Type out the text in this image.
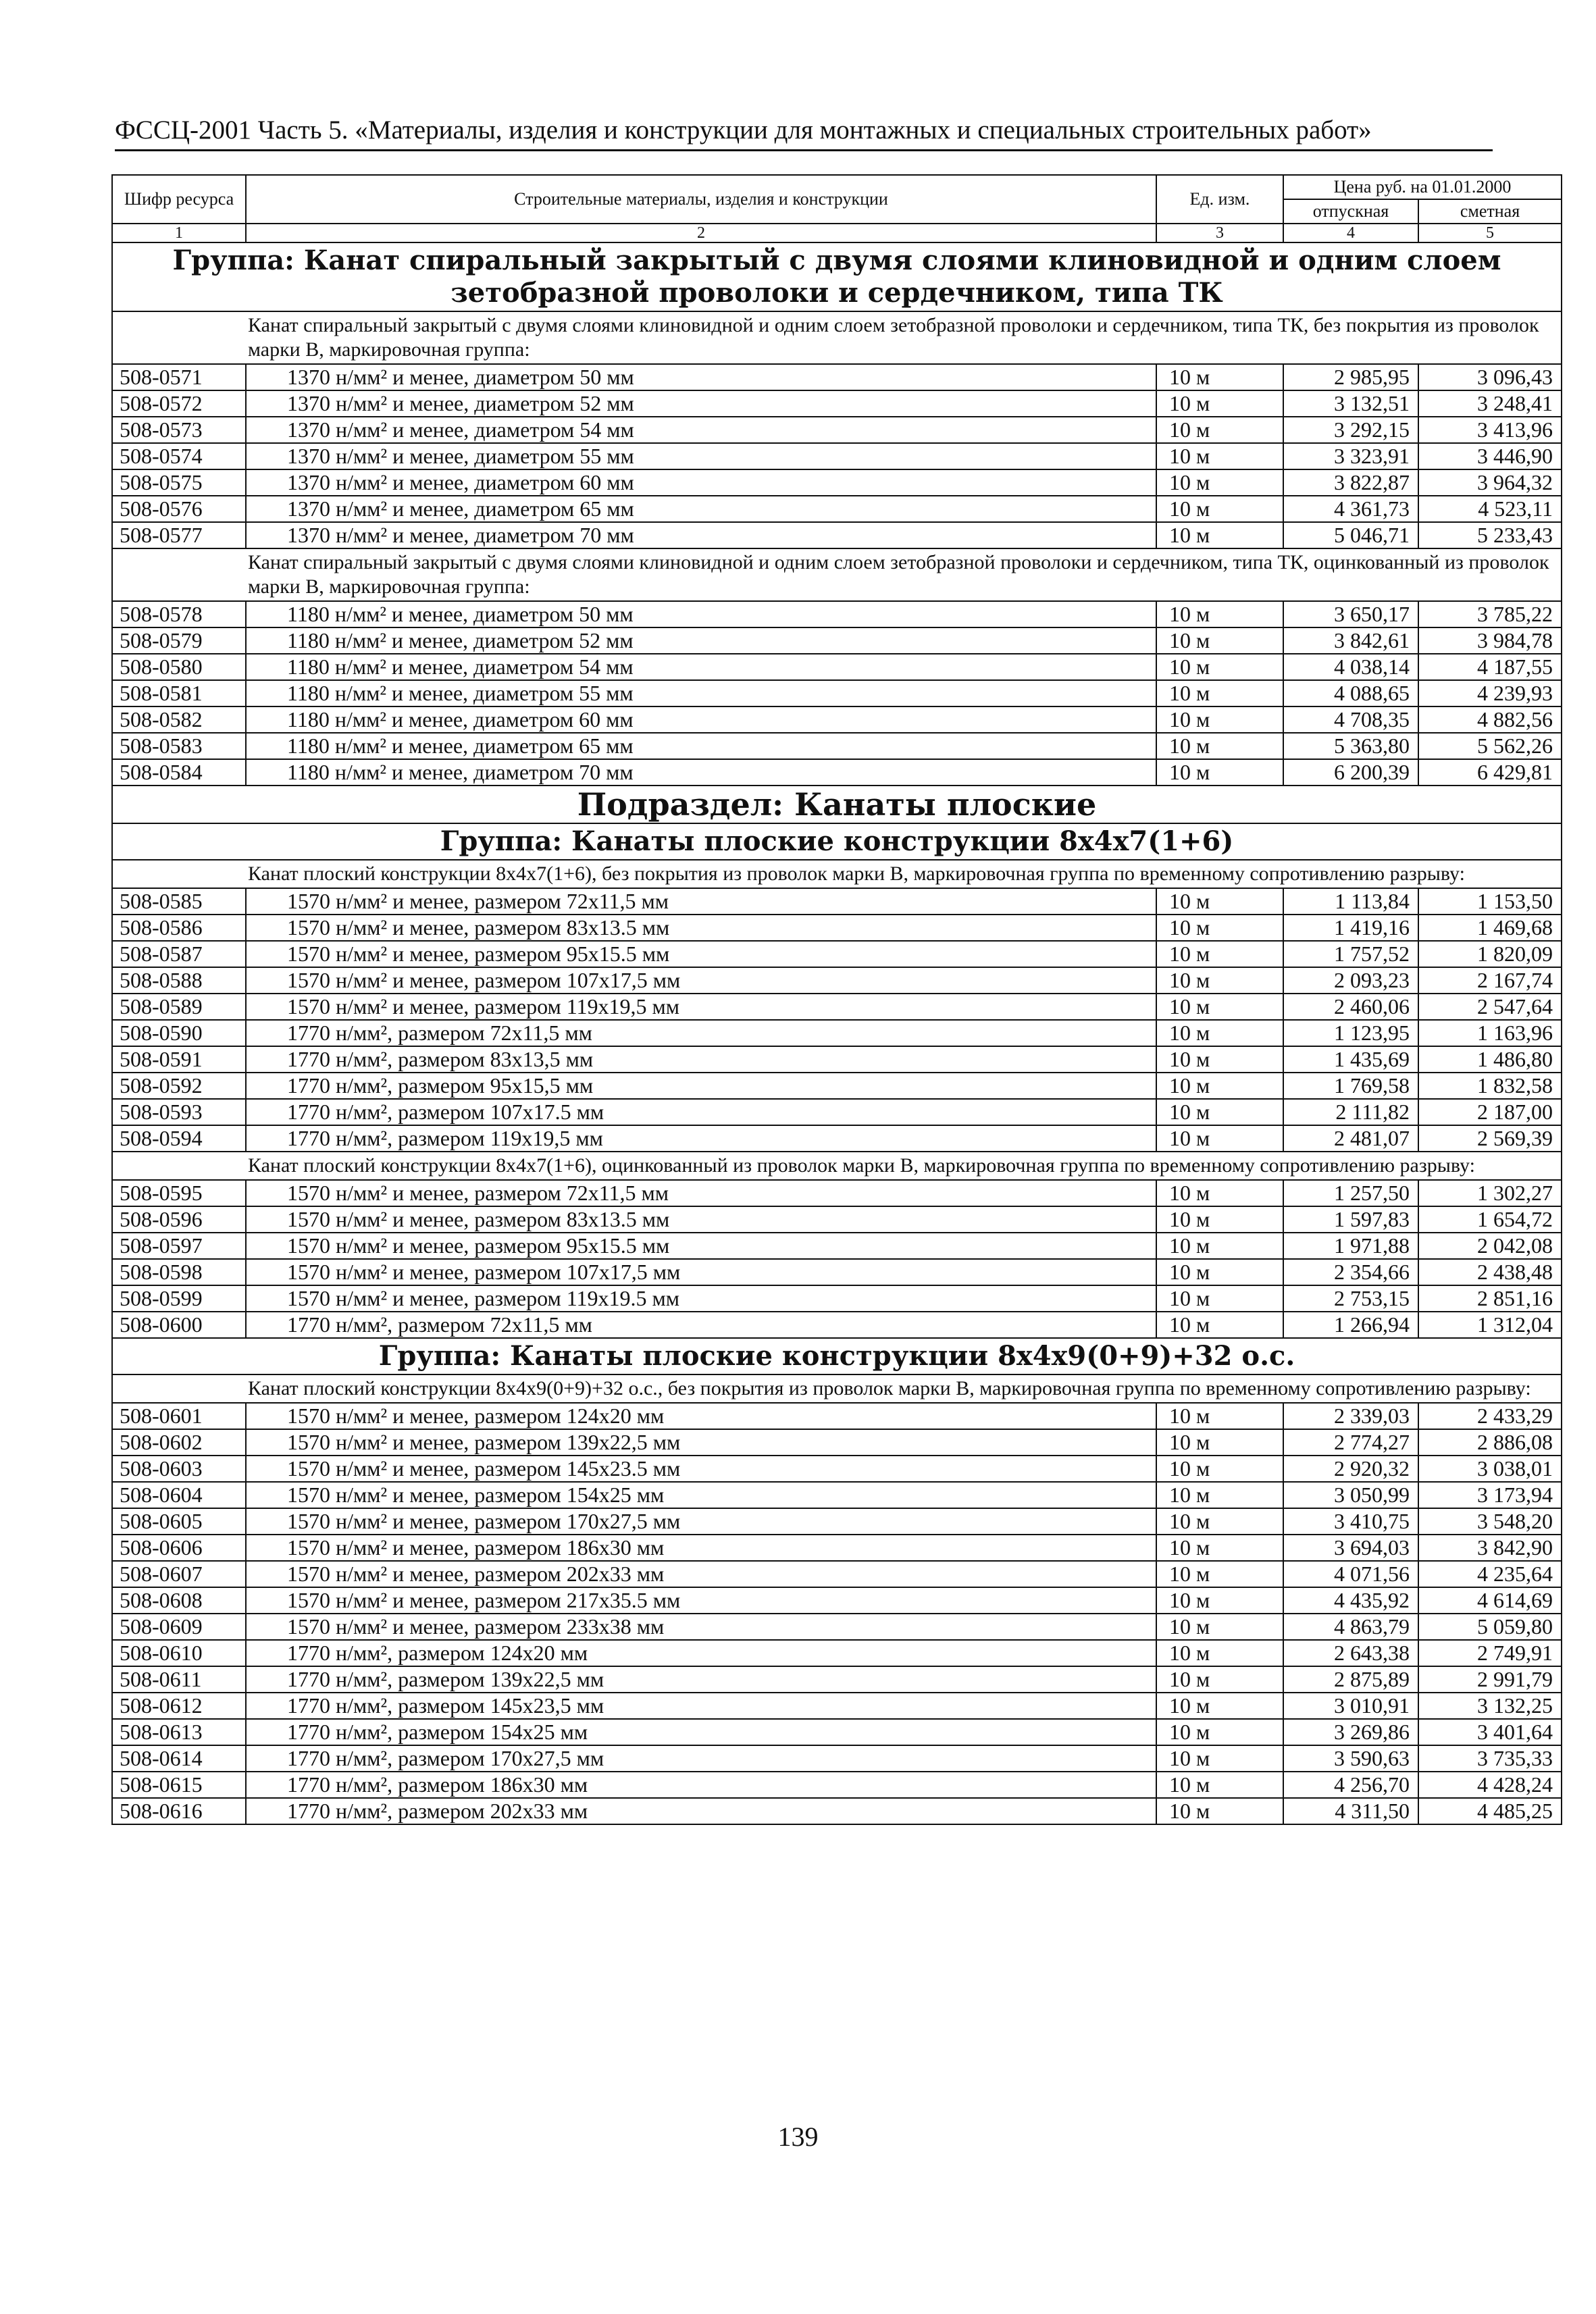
ФССЦ-2001 Часть 5. «Материалы, изделия и конструкции для монтажных и специальных строительных работ»
Шифр ресурса	Строительные материалы, изделия и конструкции	Ед. изм.	Цена руб. на 01.01.2000	
			отпускная	сметная
1	2	3	4	5
Группа: Канат спиральный закрытый с двумя слоями клиновидной и одним слоем зетобразной проволоки и сердечником, типа ТК				
Канат спиральный закрытый с двумя слоями клиновидной и одним слоем зетобразной проволоки и сердечником, типа ТК, без покрытия из проволок марки В, маркировочная группа:				
508-0571	1370 н/мм² и менее, диаметром 50 мм	10 м	2 985,95	3 096,43
508-0572	1370 н/мм² и менее, диаметром 52 мм	10 м	3 132,51	3 248,41
508-0573	1370 н/мм² и менее, диаметром 54 мм	10 м	3 292,15	3 413,96
508-0574	1370 н/мм² и менее, диаметром 55 мм	10 м	3 323,91	3 446,90
508-0575	1370 н/мм² и менее, диаметром 60 мм	10 м	3 822,87	3 964,32
508-0576	1370 н/мм² и менее, диаметром 65 мм	10 м	4 361,73	4 523,11
508-0577	1370 н/мм² и менее, диаметром 70 мм	10 м	5 046,71	5 233,43
Канат спиральный закрытый с двумя слоями клиновидной и одним слоем зетобразной проволоки и сердечником, типа ТК, оцинкованный из проволок марки В, маркировочная группа:				
508-0578	1180 н/мм² и менее, диаметром 50 мм	10 м	3 650,17	3 785,22
508-0579	1180 н/мм² и менее, диаметром 52 мм	10 м	3 842,61	3 984,78
508-0580	1180 н/мм² и менее, диаметром 54 мм	10 м	4 038,14	4 187,55
508-0581	1180 н/мм² и менее, диаметром 55 мм	10 м	4 088,65	4 239,93
508-0582	1180 н/мм² и менее, диаметром 60 мм	10 м	4 708,35	4 882,56
508-0583	1180 н/мм² и менее, диаметром 65 мм	10 м	5 363,80	5 562,26
508-0584	1180 н/мм² и менее, диаметром 70 мм	10 м	6 200,39	6 429,81
Подраздел: Канаты плоские				
Группа: Канаты плоские конструкции 8х4х7(1+6)				
Канат плоский конструкции 8х4х7(1+6), без покрытия из проволок марки В, маркировочная группа по временному сопротивлению разрыву:				
508-0585	1570 н/мм² и менее, размером 72х11,5 мм	10 м	1 113,84	1 153,50
508-0586	1570 н/мм² и менее, размером 83х13.5 мм	10 м	1 419,16	1 469,68
508-0587	1570 н/мм² и менее, размером 95х15.5 мм	10 м	1 757,52	1 820,09
508-0588	1570 н/мм² и менее, размером 107х17,5 мм	10 м	2 093,23	2 167,74
508-0589	1570 н/мм² и менее, размером 119х19,5 мм	10 м	2 460,06	2 547,64
508-0590	1770 н/мм², размером 72х11,5 мм	10 м	1 123,95	1 163,96
508-0591	1770 н/мм², размером 83х13,5 мм	10 м	1 435,69	1 486,80
508-0592	1770 н/мм², размером 95х15,5 мм	10 м	1 769,58	1 832,58
508-0593	1770 н/мм², размером 107х17.5 мм	10 м	2 111,82	2 187,00
508-0594	1770 н/мм², размером 119х19,5 мм	10 м	2 481,07	2 569,39
Канат плоский конструкции 8х4х7(1+6), оцинкованный из проволок марки В, маркировочная группа по временному сопротивлению разрыву:				
508-0595	1570 н/мм² и менее, размером 72х11,5 мм	10 м	1 257,50	1 302,27
508-0596	1570 н/мм² и менее, размером 83х13.5 мм	10 м	1 597,83	1 654,72
508-0597	1570 н/мм² и менее, размером 95х15.5 мм	10 м	1 971,88	2 042,08
508-0598	1570 н/мм² и менее, размером 107х17,5 мм	10 м	2 354,66	2 438,48
508-0599	1570 н/мм² и менее, размером 119х19.5 мм	10 м	2 753,15	2 851,16
508-0600	1770 н/мм², размером 72х11,5 мм	10 м	1 266,94	1 312,04
Группа: Канаты плоские конструкции 8х4х9(0+9)+32 о.с.				
Канат плоский конструкции 8х4х9(0+9)+32 о.с., без покрытия из проволок марки В, маркировочная группа по временному сопротивлению разрыву:				
508-0601	1570 н/мм² и менее, размером 124х20 мм	10 м	2 339,03	2 433,29
508-0602	1570 н/мм² и менее, размером 139х22,5 мм	10 м	2 774,27	2 886,08
508-0603	1570 н/мм² и менее, размером 145х23.5 мм	10 м	2 920,32	3 038,01
508-0604	1570 н/мм² и менее, размером 154х25 мм	10 м	3 050,99	3 173,94
508-0605	1570 н/мм² и менее, размером 170х27,5 мм	10 м	3 410,75	3 548,20
508-0606	1570 н/мм² и менее, размером 186х30 мм	10 м	3 694,03	3 842,90
508-0607	1570 н/мм² и менее, размером 202х33 мм	10 м	4 071,56	4 235,64
508-0608	1570 н/мм² и менее, размером 217х35.5 мм	10 м	4 435,92	4 614,69
508-0609	1570 н/мм² и менее, размером 233х38 мм	10 м	4 863,79	5 059,80
508-0610	1770 н/мм², размером 124х20 мм	10 м	2 643,38	2 749,91
508-0611	1770 н/мм², размером 139х22,5 мм	10 м	2 875,89	2 991,79
508-0612	1770 н/мм², размером 145х23,5 мм	10 м	3 010,91	3 132,25
508-0613	1770 н/мм², размером 154х25 мм	10 м	3 269,86	3 401,64
508-0614	1770 н/мм², размером 170х27,5 мм	10 м	3 590,63	3 735,33
508-0615	1770 н/мм², размером 186х30 мм	10 м	4 256,70	4 428,24
508-0616	1770 н/мм², размером 202х33 мм	10 м	4 311,50	4 485,25
139
